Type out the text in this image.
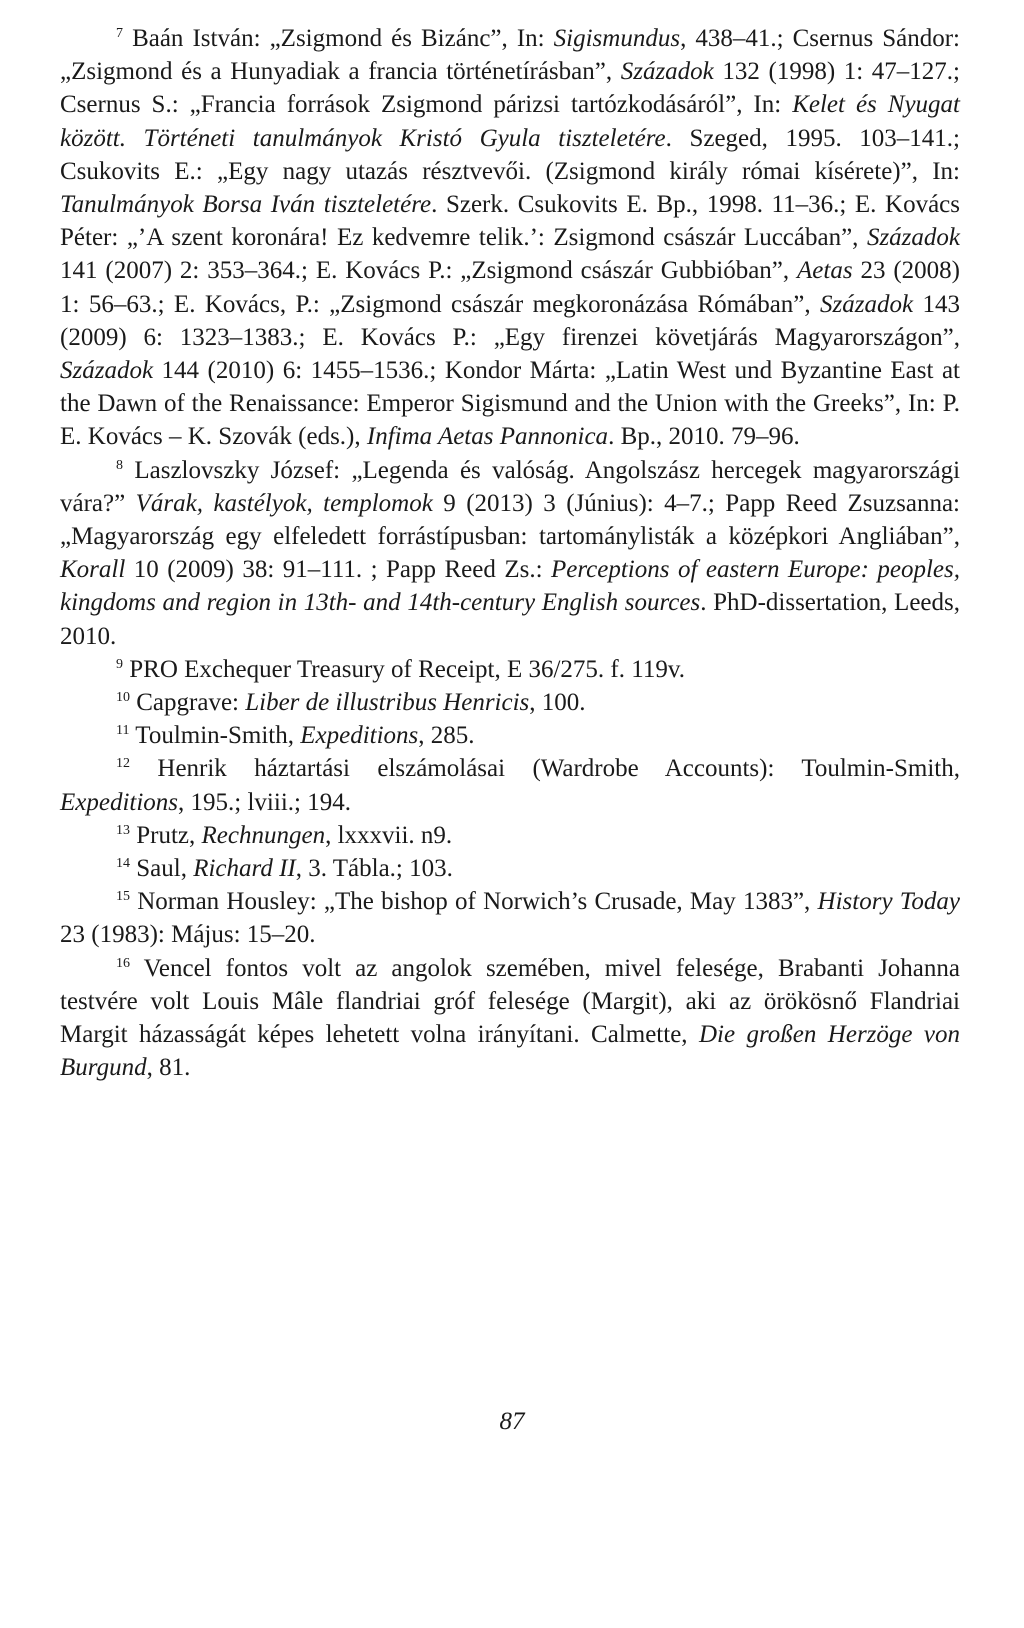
$^7$ Baán István: „Zsigmond és Bizánc”, In: Sigismundus, 438–41.; Csernus Sándor: „Zsigmond és a Hunyadiak a francia történetírásban”, Századok 132 (1998) 1: 47–127.; Csernus S.: „Francia források Zsigmond párizsi tartózkodásáról”, In: Kelet és Nyugat között. Történeti tanulmányok Kristó Gyula tiszteletére. Szeged, 1995. 103–141.; Csukovits E.: „Egy nagy utazás résztvevői. (Zsigmond király római kísérete)”, In: Tanulmányok Borsa Iván tiszteletére. Szerk. Csukovits E. Bp., 1998. 11–36.; E. Kovács Péter: „’A szent koronára! Ez kedvemre telik.’: Zsigmond császár Luccában”, Századok 141 (2007) 2: 353–364.; E. Kovács P.: „Zsigmond császár Gubbióban”, Aetas 23 (2008) 1: 56–63.; E. Kovács, P.: „Zsigmond császár megkoronázása Rómában”, Századok 143 (2009) 6: 1323–1383.; E. Kovács P.: „Egy firenzei követjárás Magyarországon”, Századok 144 (2010) 6: 1455–1536.; Kondor Márta: „Latin West und Byzantine East at the Dawn of the Renaissance: Emperor Sigismund and the Union with the Greeks”, In: P. E. Kovács – K. Szovák (eds.), Infima Aetas Pannonica. Bp., 2010. 79–96.

$^8$ Laszlovszky József: „Legenda és valóság. Angolszász hercegek magyarországi vára?” Várak, kastélyok, templomok 9 (2013) 3 (Június): 4–7.; Papp Reed Zsuzsanna: „Magyarország egy elfeledett forrástípusban: tartománylisták a középkori Angliában”, Korall 10 (2009) 38: 91–111. ; Papp Reed Zs.: Perceptions of eastern Europe: peoples, kingdoms and region in 13th- and 14th-century English sources. PhD-dissertation, Leeds, 2010.

$^9$ PRO Exchequer Treasury of Receipt, E 36/275. f. 119v.

$^{10}$ Capgrave: Liber de illustribus Henricis, 100.

$^{11}$ Toulmin-Smith, Expeditions, 285.

$^{12}$ Henrik háztartási elszámolásai (Wardrobe Accounts): Toulmin-Smith, Expeditions, 195.; lviii.; 194.

$^{13}$ Prutz, Rechnungen, lxxxvii. n9.

$^{14}$ Saul, Richard II, 3. Tábla.; 103.

$^{15}$ Norman Housley: „The bishop of Norwich’s Crusade, May 1383”, History Today 23 (1983): Május: 15–20.

$^{16}$ Vencel fontos volt az angolok szemében, mivel felesége, Brabanti Johanna testvére volt Louis Mâle flandriai gróf felesége (Margit), aki az örökösnő Flandriai Margit házasságát képes lehetett volna irányítani. Calmette, Die großen Herzöge von Burgund, 81.

87
